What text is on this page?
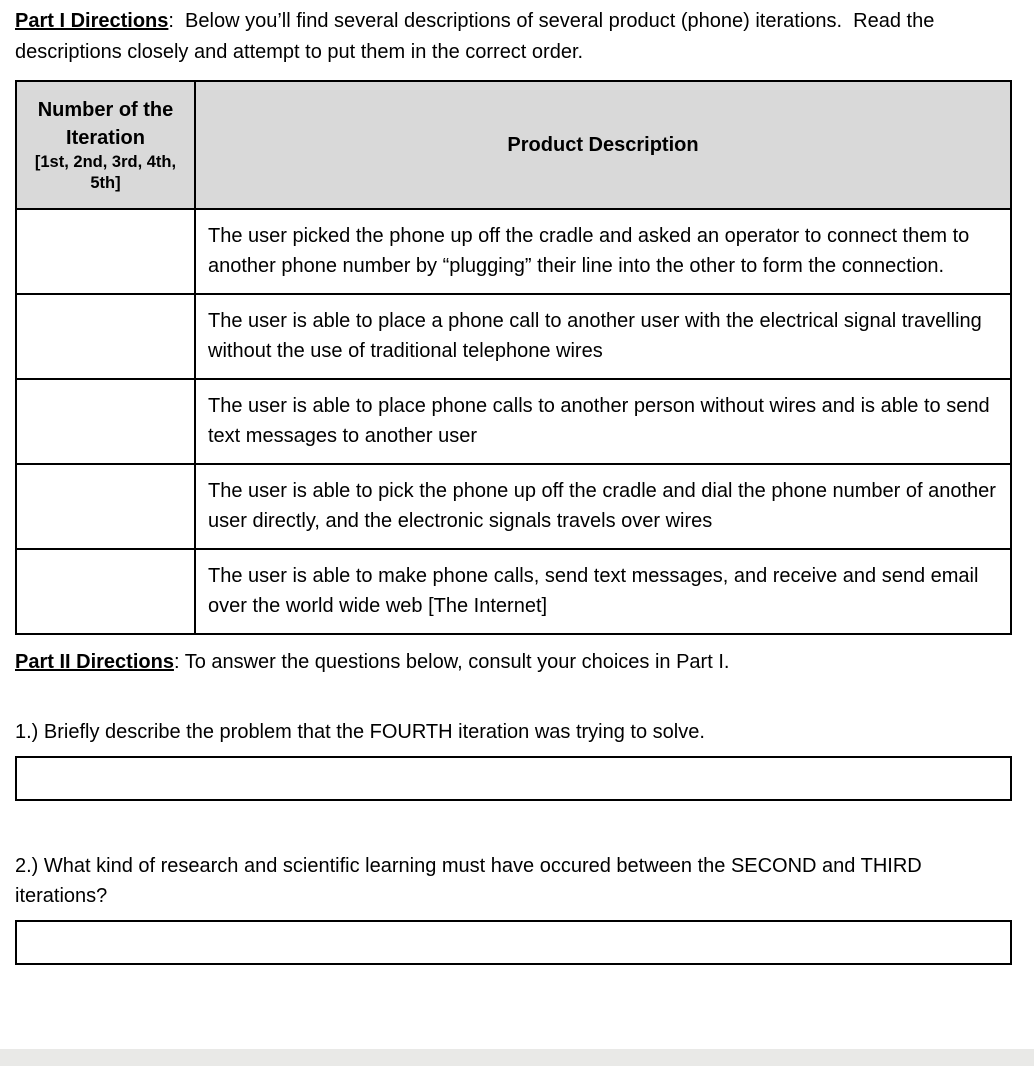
Part I Directions:  Below you’ll find several descriptions of several product (phone) iterations.  Read the descriptions closely and attempt to put them in the correct order.

Number of the Iteration
[1st, 2nd, 3rd, 4th, 5th]	Product Description
	The user picked the phone up off the cradle and asked an operator to connect them to another phone number by “plugging” their line into the other to form the connection.
	The user is able to place a phone call to another user with the electrical signal travelling without the use of traditional telephone wires
	The user is able to place phone calls to another person without wires and is able to send text messages to another user
	The user is able to pick the phone up off the cradle and dial the phone number of another user directly, and the electronic signals travels over wires
	The user is able to make phone calls, send text messages, and receive and send email over the world wide web [The Internet]

Part II Directions: To answer the questions below, consult your choices in Part I.

1.) Briefly describe the problem that the FOURTH iteration was trying to solve.

2.) What kind of research and scientific learning must have occured between the SECOND and THIRD iterations?
